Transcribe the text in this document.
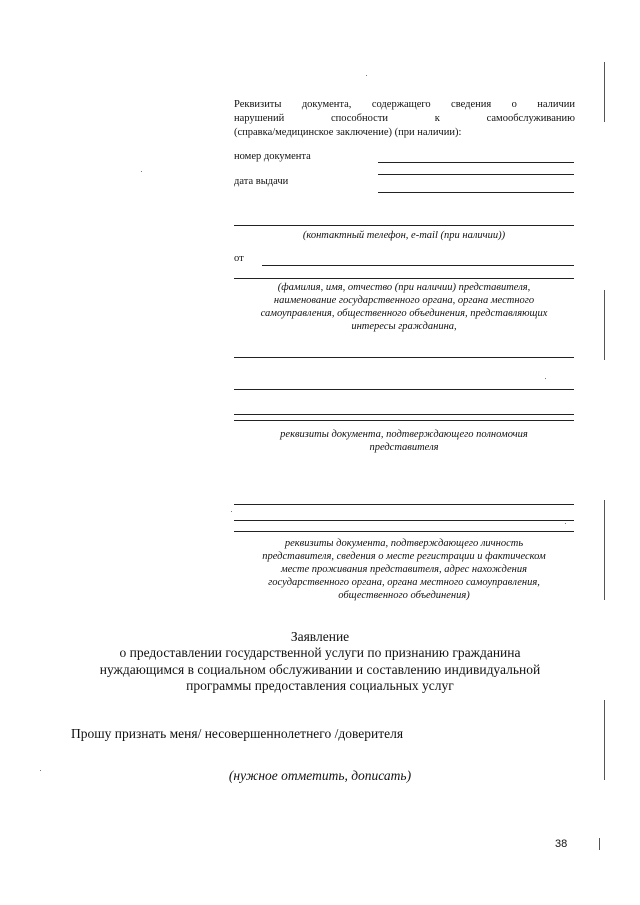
Реквизиты документа, содержащего сведения о наличии
нарушений	способности	к	самообслуживанию
(справка/медицинское заключение) (при наличии):
номер документа
дата выдачи
(контактный телефон, e-mail (при наличии))
от
(фамилия, имя, отчество (при наличии) представителя,
наименование государственного органа, органа местного
самоуправления, общественного объединения, представляющих
интересы гражданина,
реквизиты документа, подтверждающего полномочия
представителя
реквизиты документа, подтверждающего личность
представителя, сведения о месте регистрации и фактическом
месте проживания представителя, адрес нахождения
государственного органа, органа местного самоуправления,
общественного объединения)
Заявление
о предоставлении государственной услуги по признанию гражданина
нуждающимся в социальном обслуживании и составлению индивидуальной
программы предоставления социальных услуг
Прошу признать меня/ несовершеннолетнего /доверителя
(нужное отметить, дописать)
38
